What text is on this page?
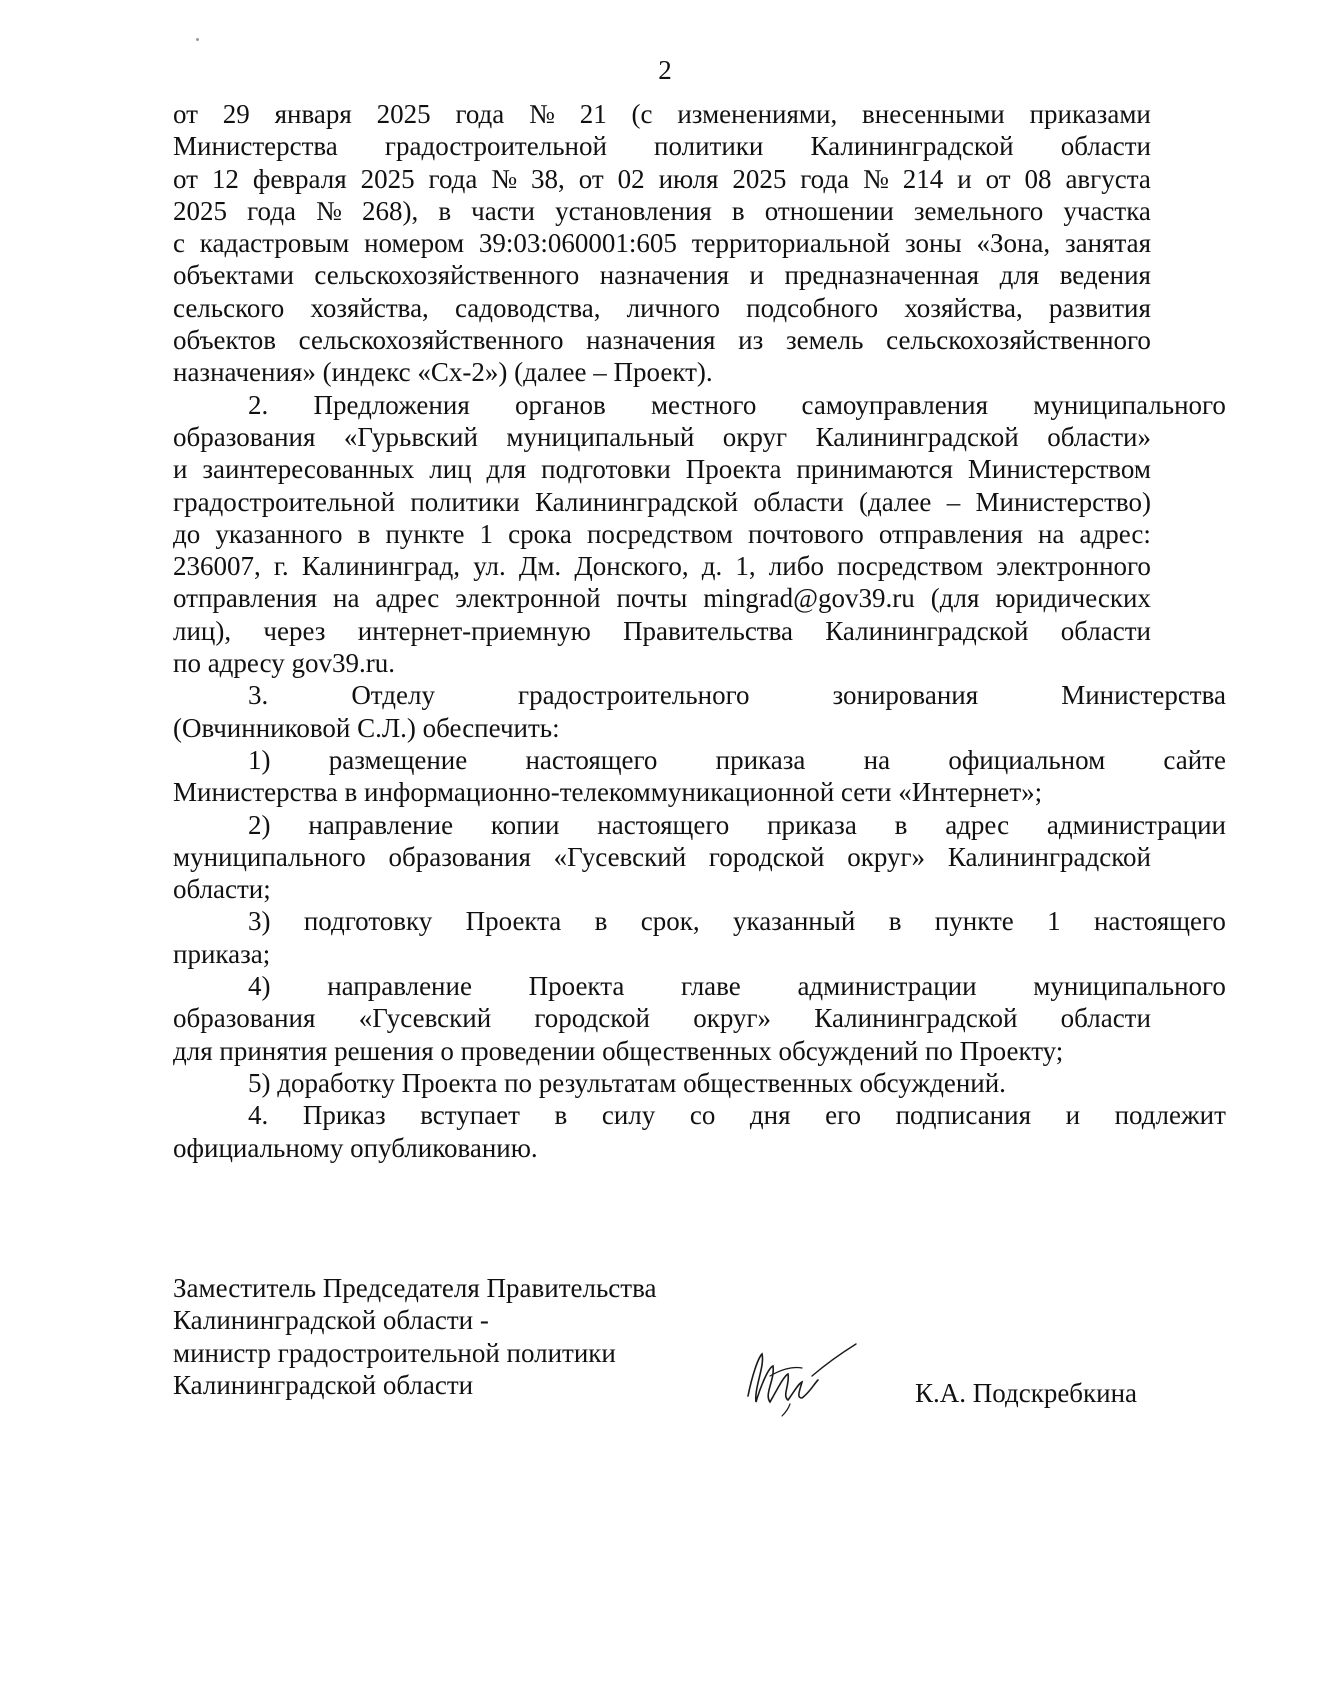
2
от 29 января 2025 года № 21 (с изменениями, внесенными приказами
Министерства градостроительной политики Калининградской области
от 12 февраля 2025 года № 38, от 02 июля 2025 года № 214 и от 08 августа
2025 года № 268), в части установления в отношении земельного участка
с кадастровым номером 39:03:060001:605 территориальной зоны «Зона, занятая
объектами сельскохозяйственного назначения и предназначенная для ведения
сельского хозяйства, садоводства, личного подсобного хозяйства, развития
объектов сельскохозяйственного назначения из земель сельскохозяйственного
назначения» (индекс «Сх-2») (далее – Проект).
2. Предложения органов местного самоуправления муниципального
образования «Гурьвский муниципальный округ Калининградской области»
и заинтересованных лиц для подготовки Проекта принимаются Министерством
градостроительной политики Калининградской области (далее – Министерство)
до указанного в пункте 1 срока посредством почтового отправления на адрес:
236007, г. Калининград, ул. Дм. Донского, д. 1, либо посредством электронного
отправления на адрес электронной почты mingrad@gov39.ru (для юридических
лиц), через интернет-приемную Правительства Калининградской области
по адресу gov39.ru.
3.	Отделу	градостроительного	зонирования	Министерства
(Овчинниковой С.Л.) обеспечить:
1) размещение настоящего приказа на официальном сайте
Министерства в информационно-телекоммуникационной сети «Интернет»;
2) направление копии настоящего приказа в адрес администрации
муниципального образования «Гусевский городской округ» Калининградской
области;
3) подготовку Проекта в срок, указанный в пункте 1 настоящего
приказа;
4) направление Проекта главе администрации муниципального
образования «Гусевский городской округ» Калининградской области
для принятия решения о проведении общественных обсуждений по Проекту;
5) доработку Проекта по результатам общественных обсуждений.
4. Приказ вступает в силу со дня его подписания и подлежит
официальному опубликованию.
Заместитель Председателя Правительства
Калининградской области -
министр градостроительной политики
Калининградской области	К.А. Подскребкина
